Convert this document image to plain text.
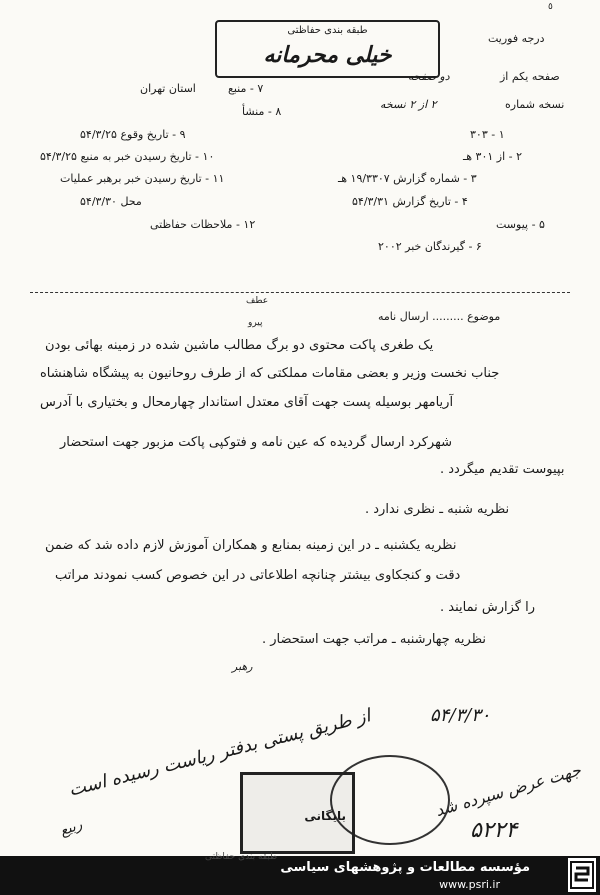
٥
طبقه بندی حفاظتی
خیلی محرمانه
درجه فوریت
صفحه یکم از
دو صفحه
نسخه شماره
۲ از ۲ نسخه
استان تهران	۷ - منبع
۸ - منشأ
۹ - تاریخ وقوع ۵۴/۳/۲۵
۱۰ - تاریخ رسیدن خبر به منبع ۵۴/۳/۲۵
۱۱ - تاریخ رسیدن خبر برهبر عملیات
محل ۵۴/۳/۳۰
۱۲ - ملاحظات حفاظتی
۱ - ۳۰۳
۲ - از ۳۰۱ هـ
۳ - شماره گزارش ۱۹/۳۳۰۷ هـ
۴ - تاریخ گزارش ۵۴/۳/۳۱
۵ - پیوست
۶ - گیرندگان خبر ۲۰۰۲
عطف
پیرو	موضوع ......... ارسال نامه
یک طغری پاکت محتوی دو برگ مطالب ماشین شده در زمینه بهائی بودن
جناب نخست وزیر و بعضی مقامات مملکتی که از طرف روحانیون به پیشگاه شاهنشاه
آریامهر بوسیله پست جهت آقای معتدل استاندار چهارمحال و بختیاری با آدرس
شهرکرد ارسال گردیده که عین نامه و فتوکپی پاکت مزبور جهت استحضار
بپیوست تقدیم میگردد .
نظریه شنبه ـ نظری ندارد .
نظریه یکشنبه ـ در این زمینه بمنابع و همکاران آموزش لازم داده شد که ضمن
دقت و کنجکاوی بیشتر چنانچه اطلاعاتی در این خصوص کسب نمودند مراتب
را گزارش نمایند .
نظریه چهارشنبه ـ مراتب جهت استحضار .
رهبر
از طریق پستی بدفتر ریاست رسیده است	۵۴/۳/۳۰
جهت عرض سپرده شد
ربیع	۵۲۲۴
بایگانی
مؤسسه مطالعات و پژوهشهای سیاسی
www.psri.ir
طبقه بندی حفاظتی
